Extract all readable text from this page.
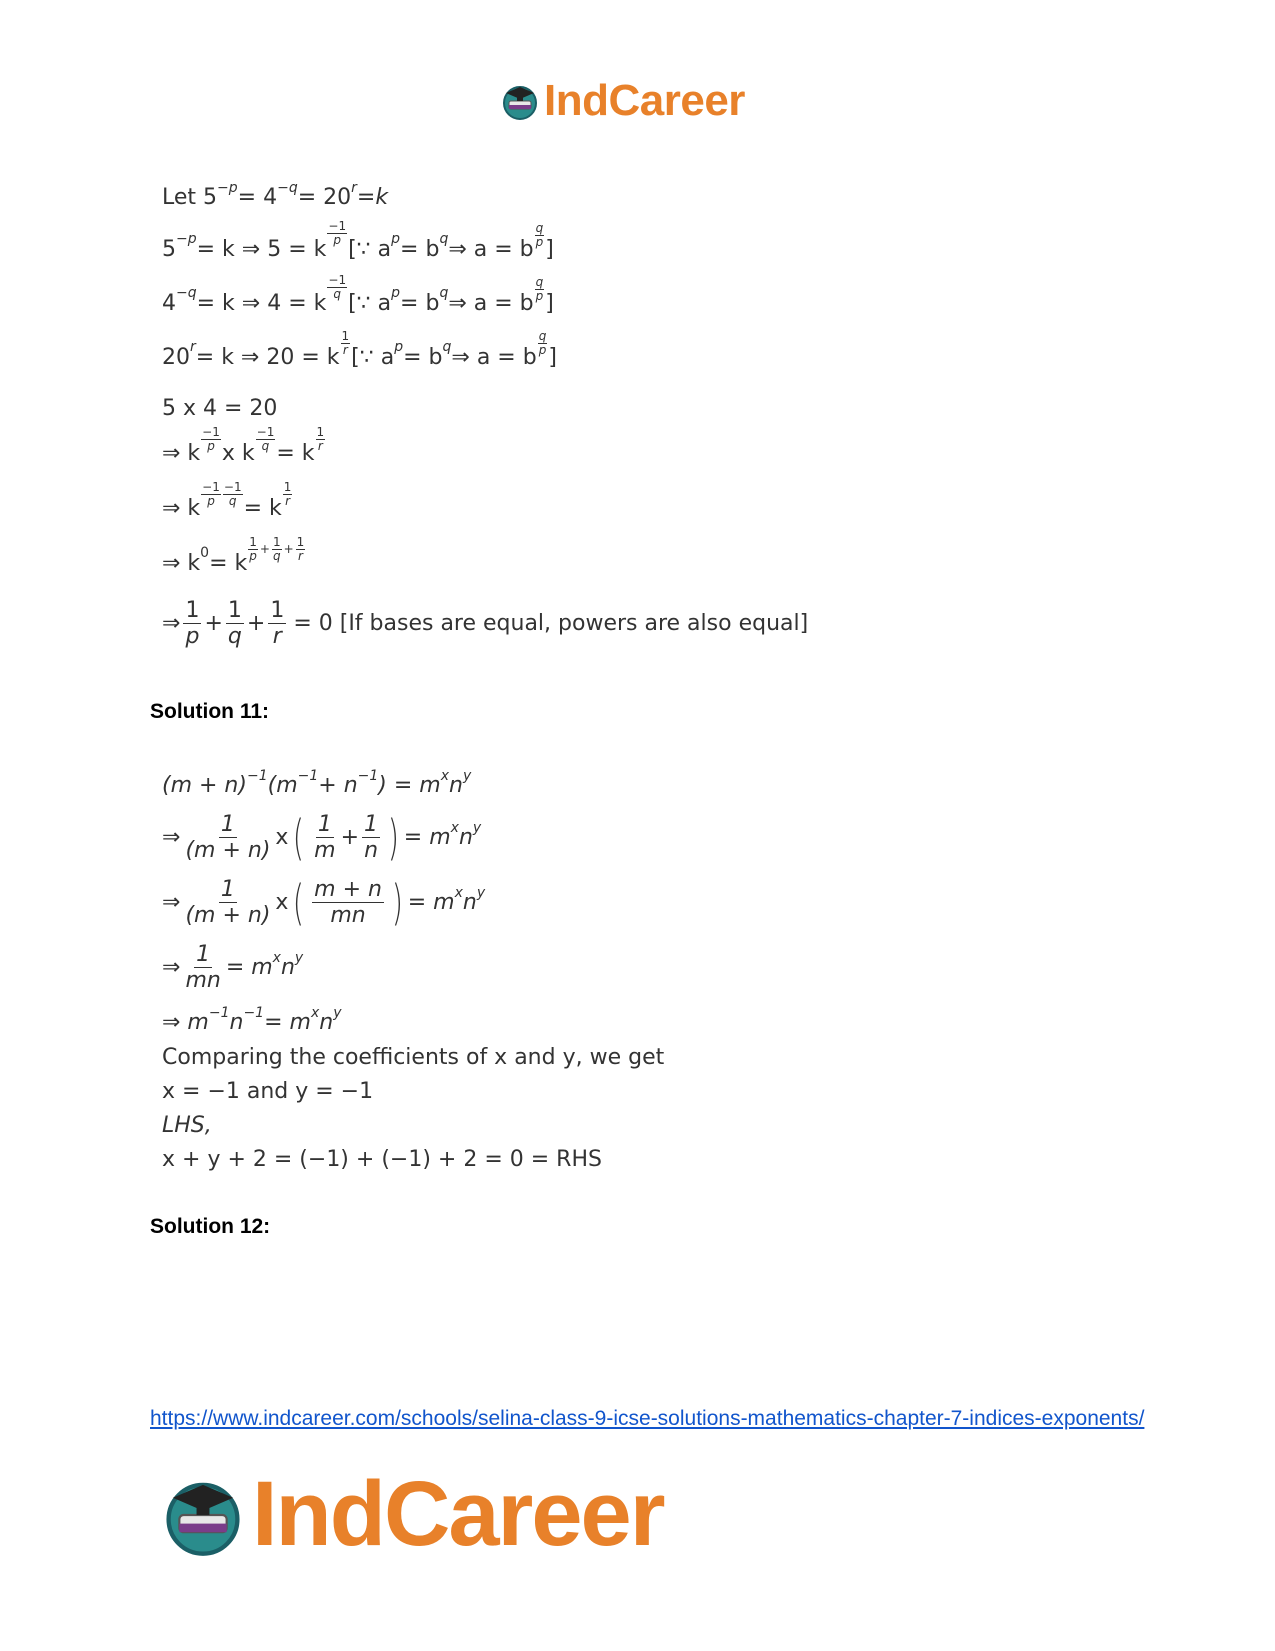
IndCareer
Let 5 −p = 4 −q = 20 r = k
5 −p = k ⇒ 5 = k
$\frac{-1}{p}$
[∵ a p = b q ⇒ a = b
$\frac{q}{p}$
]
4 −q = k ⇒ 4 = k
$\frac{-1}{q}$
[∵ a p = b q ⇒ a = b
$\frac{q}{p}$
]
20 r = k ⇒ 20 = k
$\frac{1}{r}$
[∵ a p = b q ⇒ a = b
$\frac{q}{p}$
]
5 x 4 = 20
⇒ k
$\frac{-1}{p}$
x k
$\frac{-1}{q}$
= k
$\frac{1}{r}$
⇒ k
$\frac{-1}{p} \frac{-1}{q}$
= k
$\frac{1}{r}$
⇒ k 0 = k
$\frac{1}{p} + \frac{1}{q} + \frac{1}{r}$
⇒ $\frac{1}{p} + \frac{1}{q} + \frac{1}{r} = 0$ [If bases are equal, powers are also equal]
Solution 11:
(m + n) −1 (m −1 + n −1 ) = m x n y
⇒ $\frac{1}{(m + n)}$ x ( $\frac{1}{m} + \frac{1}{n}$ ) = m x n y
⇒ $\frac{1}{(m + n)}$ x ( $\frac{m + n}{mn}$ ) = m x n y
⇒ $\frac{1}{mn} = m$ x n y
⇒ m −1 n −1 = m x n y
Comparing the coefficients of x and y, we get
x = −1 and y = −1
LHS,
x + y + 2 = (−1) + (−1) + 2 = 0 = RHS
Solution 12:
https://www.indcareer.com/schools/selina-class-9-icse-solutions-mathematics-chapter-7-indices-exponents/
IndCareer
